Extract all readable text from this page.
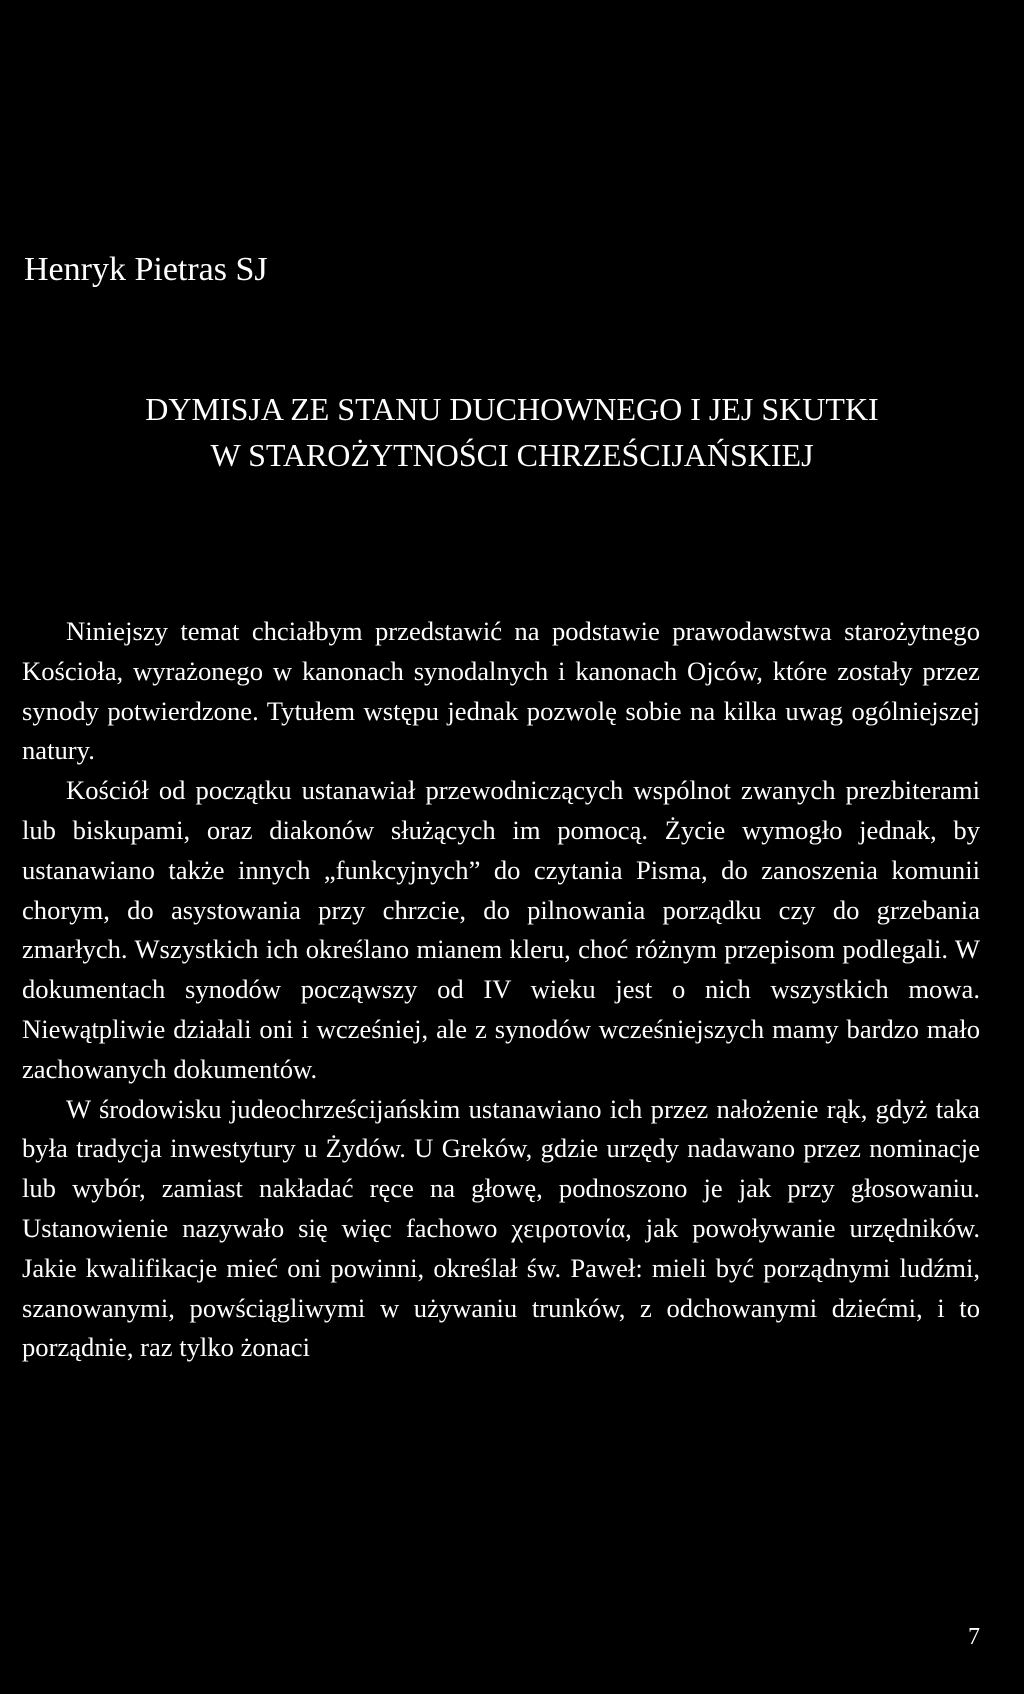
Henryk Pietras SJ
DYMISJA ZE STANU DUCHOWNEGO I JEJ SKUTKI
W STAROŻYTNOŚCI CHRZEŚCIJAŃSKIEJ

Niniejszy temat chciałbym przedstawić na podstawie prawodawstwa starożytnego Kościoła, wyrażonego w kanonach synodalnych i kanonach Ojców, które zostały przez synody potwierdzone. Tytułem wstępu jednak pozwolę sobie na kilka uwag ogólniejszej natury.

Kościół od początku ustanawiał przewodniczących wspólnot zwanych prezbiterami lub biskupami, oraz diakonów służących im pomocą. Życie wymogło jednak, by ustanawiano także innych „funkcyjnych” do czytania Pisma, do zanoszenia komunii chorym, do asystowania przy chrzcie, do pilnowania porządku czy do grzebania zmarłych. Wszystkich ich określano mianem kleru, choć różnym przepisom podlegali. W dokumentach synodów począwszy od IV wieku jest o nich wszystkich mowa. Niewątpliwie działali oni i wcześniej, ale z synodów wcześniejszych mamy bardzo mało zachowanych dokumentów.

W środowisku judeochrześcijańskim ustanawiano ich przez nałożenie rąk, gdyż taka była tradycja inwestytury u Żydów. U Greków, gdzie urzędy nadawano przez nominacje lub wybór, zamiast nakładać ręce na głowę, podnoszono je jak przy głosowaniu. Ustanowienie nazywało się więc fachowo χειροτονία, jak powoływanie urzędników. Jakie kwalifikacje mieć oni powinni, określał św. Paweł: mieli być porządnymi ludźmi, szanowanymi, powściągliwymi w używaniu trunków, z odchowanymi dziećmi, i to porządnie, raz tylko żonaci

7
